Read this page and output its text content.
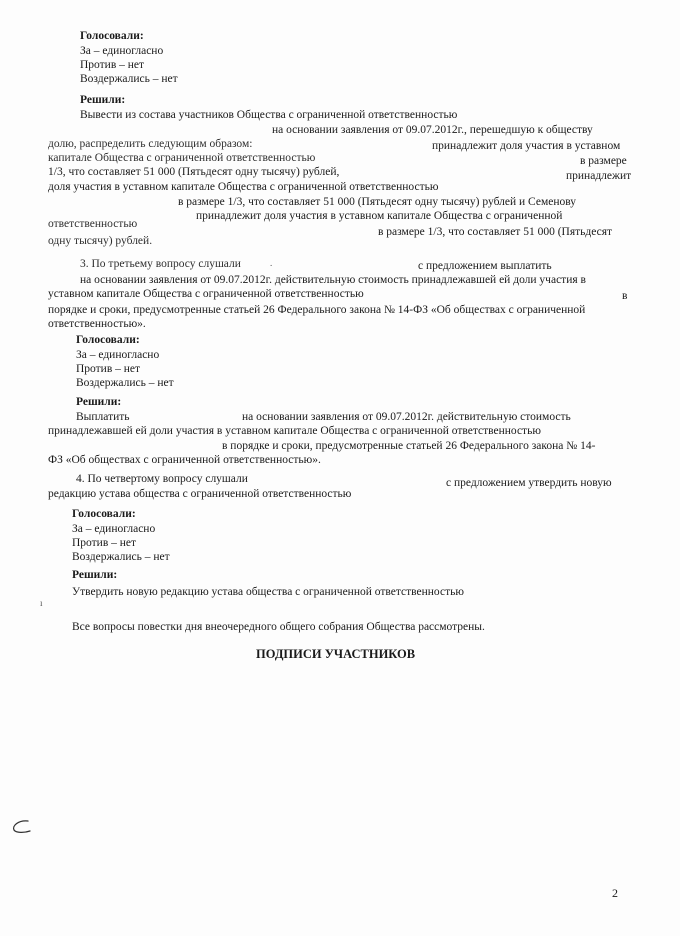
Голосовали:
За – единогласно
Против – нет
Воздержались – нет
Решили:
Вывести из состава участников Общества с ограниченной ответственностью
на основании заявления от 09.07.2012г., перешедшую к обществу
долю, распределить следующим образом:	принадлежит доля участия в уставном
капитале Общества с ограниченной ответственностью	в размере
1/3, что составляет 51 000 (Пятьдесят одну тысячу) рублей,	принадлежит
доля участия в уставном капитале Общества с ограниченной ответственностью
в размере 1/3, что составляет 51 000 (Пятьдесят одну тысячу) рублей и Семенову
принадлежит доля участия в уставном капитале Общества с ограниченной
ответственностью
в размере 1/3, что составляет 51 000 (Пятьдесят
одну тысячу) рублей.
3. По третьему вопросу слушали	.	с предложением выплатить
на основании заявления от 09.07.2012г. действительную стоимость принадлежавшей ей доли участия в
уставном капитале Общества с ограниченной ответственностью	в
порядке и сроки, предусмотренные статьей 26 Федерального закона № 14-ФЗ «Об обществах с ограниченной
ответственностью».
Голосовали:
За – единогласно
Против – нет
Воздержались – нет
Решили:
Выплатить	на основании заявления от 09.07.2012г. действительную стоимость
принадлежавшей ей доли участия в уставном капитале Общества с ограниченной ответственностью
в порядке и сроки, предусмотренные статьей 26 Федерального закона № 14-
ФЗ «Об обществах с ограниченной ответственностью».
4. По четвертому вопросу слушали	с предложением утвердить новую
редакцию устава общества с ограниченной ответственностью
Голосовали:
За – единогласно
Против – нет
Воздержались – нет
Решили:
Утвердить новую редакцию устава общества с ограниченной ответственностью
ı
Все вопросы повестки дня внеочередного общего собрания Общества рассмотрены.
ПОДПИСИ УЧАСТНИКОВ
2
